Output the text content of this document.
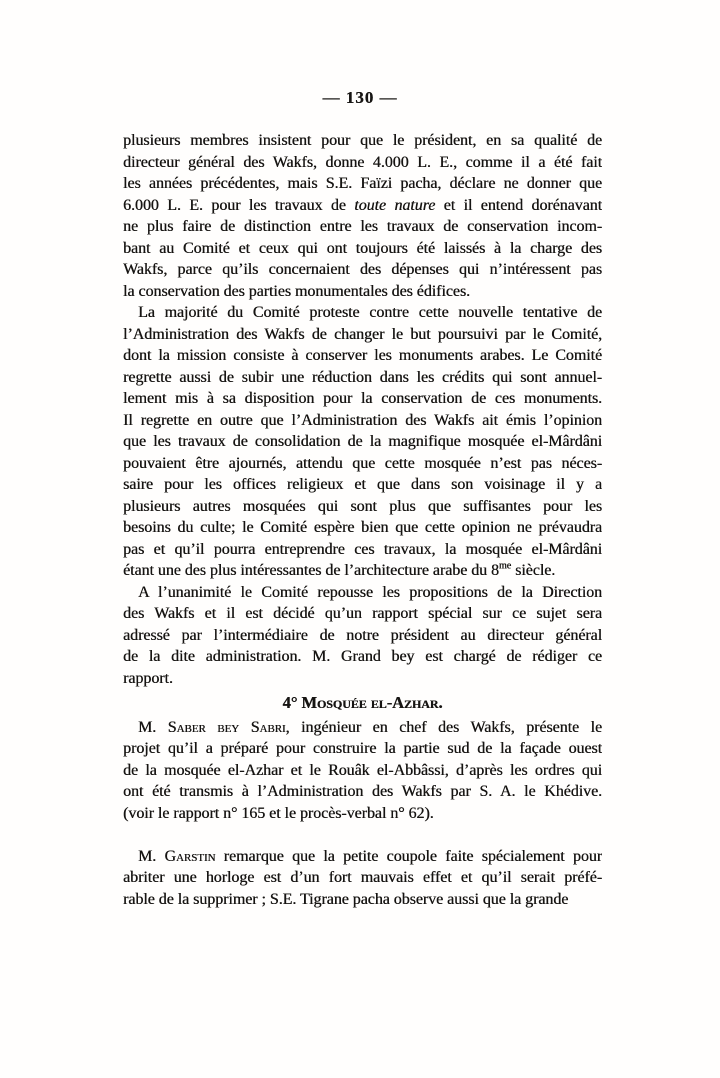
— 130 —
plusieurs membres insistent pour que le président, en sa qualité de
directeur général des Wakfs, donne 4.000 L. E., comme il a été fait
les années précédentes, mais S.E. Faïzi pacha, déclare ne donner que
6.000 L. E. pour les travaux de toute nature et il entend dorénavant
ne plus faire de distinction entre les travaux de conservation incom-
bant au Comité et ceux qui ont toujours été laissés à la charge des
Wakfs, parce qu’ils concernaient des dépenses qui n’intéressent pas
la conservation des parties monumentales des édifices.
La majorité du Comité proteste contre cette nouvelle tentative de
l’Administration des Wakfs de changer le but poursuivi par le Comité,
dont la mission consiste à conserver les monuments arabes. Le Comité
regrette aussi de subir une réduction dans les crédits qui sont annuel-
lement mis à sa disposition pour la conservation de ces monuments.
Il regrette en outre que l’Administration des Wakfs ait émis l’opinion
que les travaux de consolidation de la magnifique mosquée el-Mârdâni
pouvaient être ajournés, attendu que cette mosquée n’est pas néces-
saire pour les offices religieux et que dans son voisinage il y a
plusieurs autres mosquées qui sont plus que suffisantes pour les
besoins du culte; le Comité espère bien que cette opinion ne prévaudra
pas et qu’il pourra entreprendre ces travaux, la mosquée el-Mârdâni
étant une des plus intéressantes de l’architecture arabe du $8^{me}$ siècle.
A l’unanimité le Comité repousse les propositions de la Direction
des Wakfs et il est décidé qu’un rapport spécial sur ce sujet sera
adressé par l’intermédiaire de notre président au directeur général
de la dite administration. M. Grand bey est chargé de rédiger ce
rapport.
4° Mosquée el-Azhar.
M. Saber bey Sabri, ingénieur en chef des Wakfs, présente le
projet qu’il a préparé pour construire la partie sud de la façade ouest
de la mosquée el-Azhar et le Rouâk el-Abbâssi, d’après les ordres qui
ont été transmis à l’Administration des Wakfs par S. A. le Khédive.
(voir le rapport n° 165 et le procès-verbal n° 62).
M. Garstin remarque que la petite coupole faite spécialement pour
abriter une horloge est d’un fort mauvais effet et qu’il serait préfé-
rable de la supprimer ; S.E. Tigrane pacha observe aussi que la grande
